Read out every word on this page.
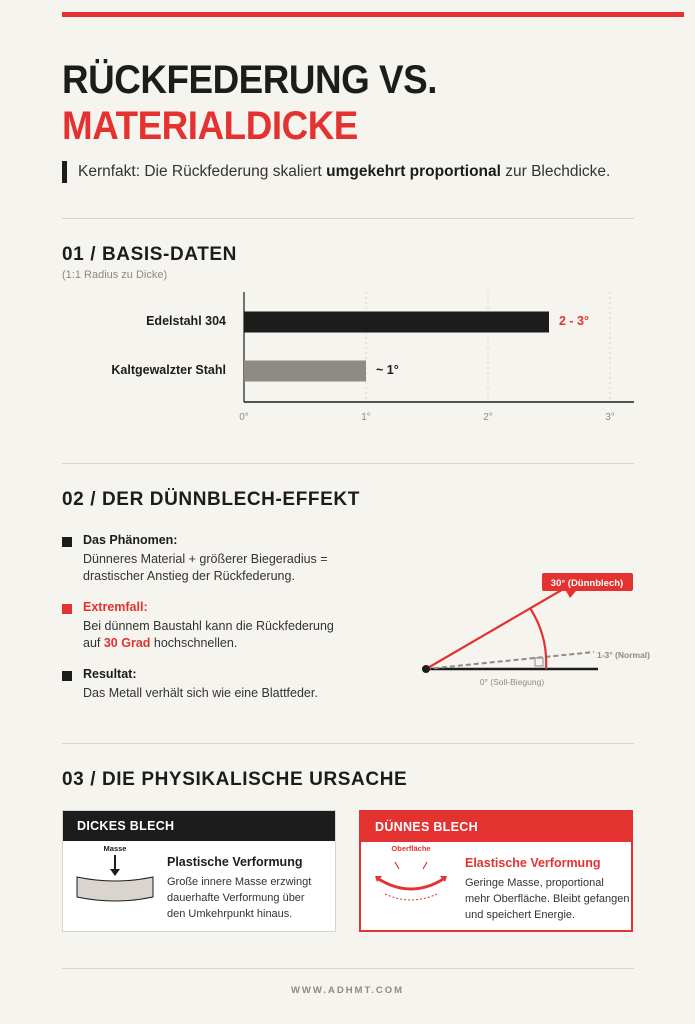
RÜCKFEDERUNG VS.
MATERIALDICKE
Kernfakt: Die Rückfederung skaliert umgekehrt proportional zur Blechdicke.
01 / BASIS-DATEN
(1:1 Radius zu Dicke)
0°	1°	2°	3°
Edelstahl 304	2 - 3°
Kaltgewalzter Stahl	~ 1°
02 / DER DÜNNBLECH-EFFEKT
Das Phänomen:
Dünneres Material + größerer Biegeradius =
drastischer Anstieg der Rückfederung.
Extremfall:
Bei dünnem Baustahl kann die Rückfederung
auf 30 Grad hochschnellen.
Resultat:
Das Metall verhält sich wie eine Blattfeder.
30° (Dünnblech)
1-3° (Normal)
0° (Soll-Biegung)
03 / DIE PHYSIKALISCHE URSACHE
DICKES BLECH
Masse
Plastische Verformung
Große innere Masse erzwingt
dauerhafte Verformung über
den Umkehrpunkt hinaus.
DÜNNES BLECH
Oberfläche
Elastische Verformung
Geringe Masse, proportional
mehr Oberfläche. Bleibt gefangen
und speichert Energie.
WWW.ADHMT.COM
